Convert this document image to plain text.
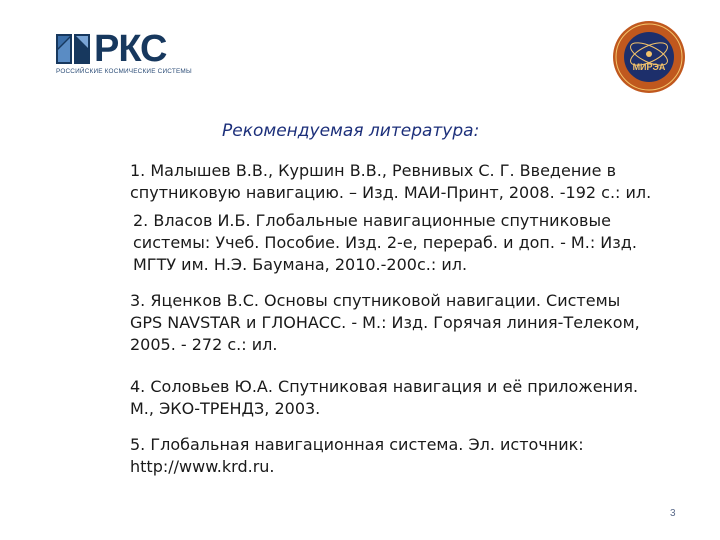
РКС
РОССИЙСКИЕ КОСМИЧЕСКИЕ СИСТЕМЫ	МИРЭА
Рекомендуемая литература:
1. Малышев В.В., Куршин В.В., Ревнивых С. Г. Введение в
спутниковую навигацию. – Изд. МАИ-Принт, 2008. -192 с.: ил.
2. Власов И.Б. Глобальные навигационные спутниковые
системы: Учеб. Пособие. Изд. 2-е, перераб. и доп. - М.: Изд.
МГТУ им. Н.Э. Баумана, 2010.-200с.: ил.
3. Яценков В.С. Основы спутниковой навигации. Системы
GPS NAVSTAR и ГЛОНАСС. - М.: Изд. Горячая линия-Телеком,
2005. - 272 с.: ил.
4. Соловьев Ю.А. Спутниковая навигация и её приложения.
М., ЭКО-ТРЕНДЗ, 2003.
5. Глобальная навигационная система. Эл. источник:
http://www.krd.ru.
3
